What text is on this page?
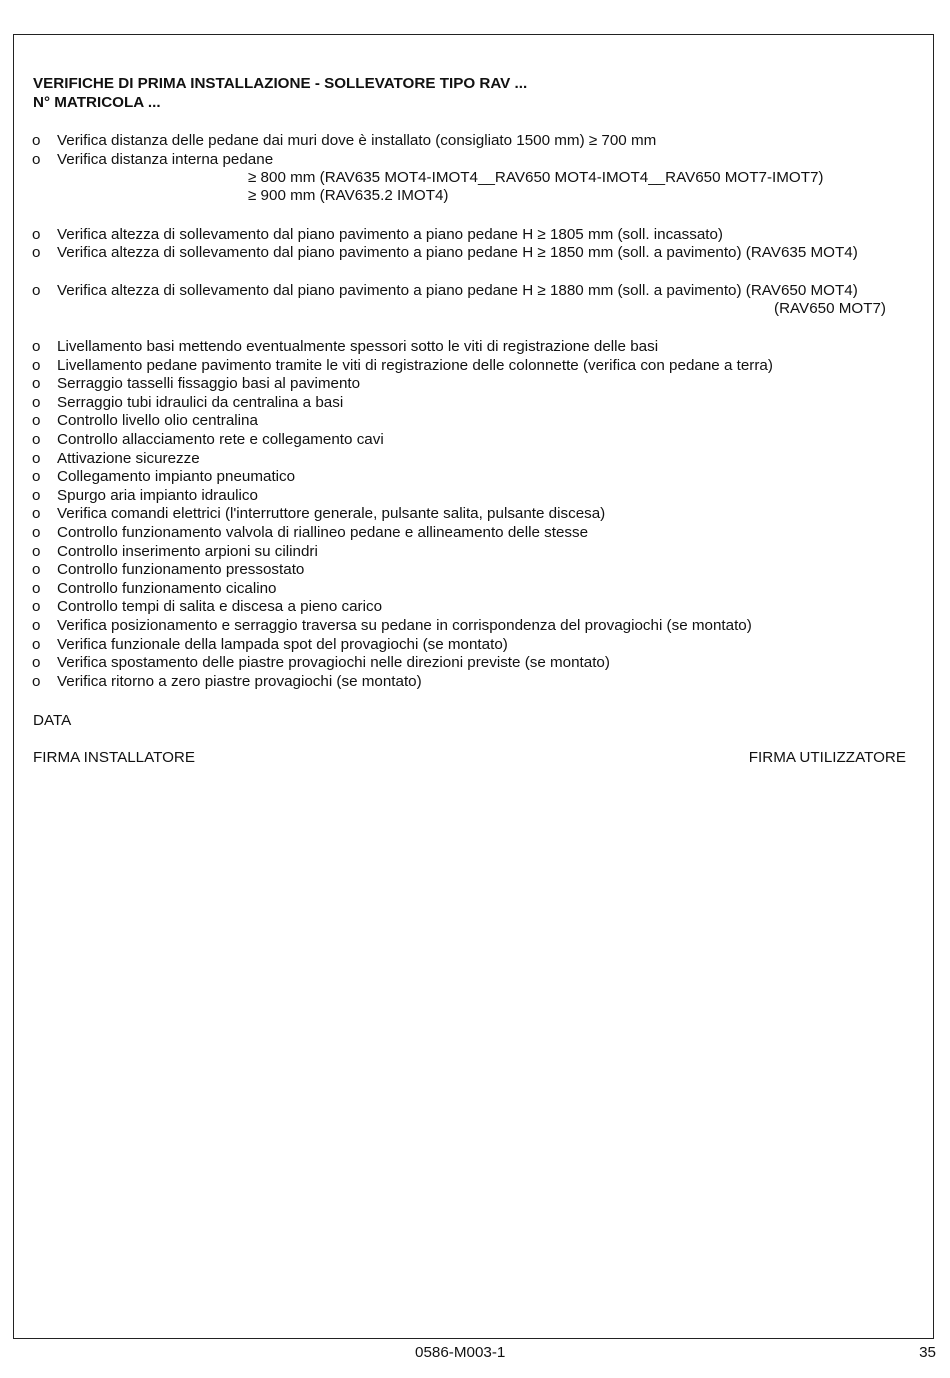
VERIFICHE DI PRIMA INSTALLAZIONE - SOLLEVATORE TIPO RAV ...
N° MATRICOLA ...
o Verifica distanza delle pedane dai muri dove è installato (consigliato 1500 mm) ≥ 700 mm
o Verifica distanza interna pedane
≥ 800 mm (RAV635 MOT4-IMOT4__RAV650 MOT4-IMOT4__RAV650 MOT7-IMOT7)
≥ 900 mm (RAV635.2 IMOT4)
o Verifica altezza di sollevamento dal piano pavimento a piano pedane H ≥ 1805 mm (soll. incassato)
o Verifica altezza di sollevamento dal piano pavimento a piano pedane H ≥ 1850 mm (soll. a pavimento) (RAV635 MOT4)
o Verifica altezza di sollevamento dal piano pavimento a piano pedane H ≥ 1880 mm (soll. a pavimento) (RAV650 MOT4)
(RAV650 MOT7)
o Livellamento basi mettendo eventualmente spessori sotto le viti di registrazione delle basi
o Livellamento pedane pavimento tramite le viti di registrazione delle colonnette (verifica con pedane a terra)
o Serraggio tasselli fissaggio basi al pavimento
o Serraggio tubi idraulici da centralina a basi
o Controllo livello olio centralina
o Controllo allacciamento rete e collegamento cavi
o Attivazione sicurezze
o Collegamento impianto pneumatico
o Spurgo aria impianto idraulico
o Verifica comandi elettrici (l'interruttore generale, pulsante salita, pulsante discesa)
o Controllo funzionamento valvola di riallineo pedane e allineamento delle stesse
o Controllo inserimento arpioni su cilindri
o Controllo funzionamento pressostato
o Controllo funzionamento cicalino
o Controllo tempi di salita e discesa a pieno carico
o Verifica posizionamento e serraggio traversa su pedane in corrispondenza del provagiochi (se montato)
o Verifica funzionale della lampada spot del provagiochi (se montato)
o Verifica spostamento delle piastre provagiochi nelle direzioni previste (se montato)
o Verifica ritorno a zero piastre provagiochi (se montato)
DATA
FIRMA INSTALLATORE	FIRMA UTILIZZATORE
0586-M003-1	35
